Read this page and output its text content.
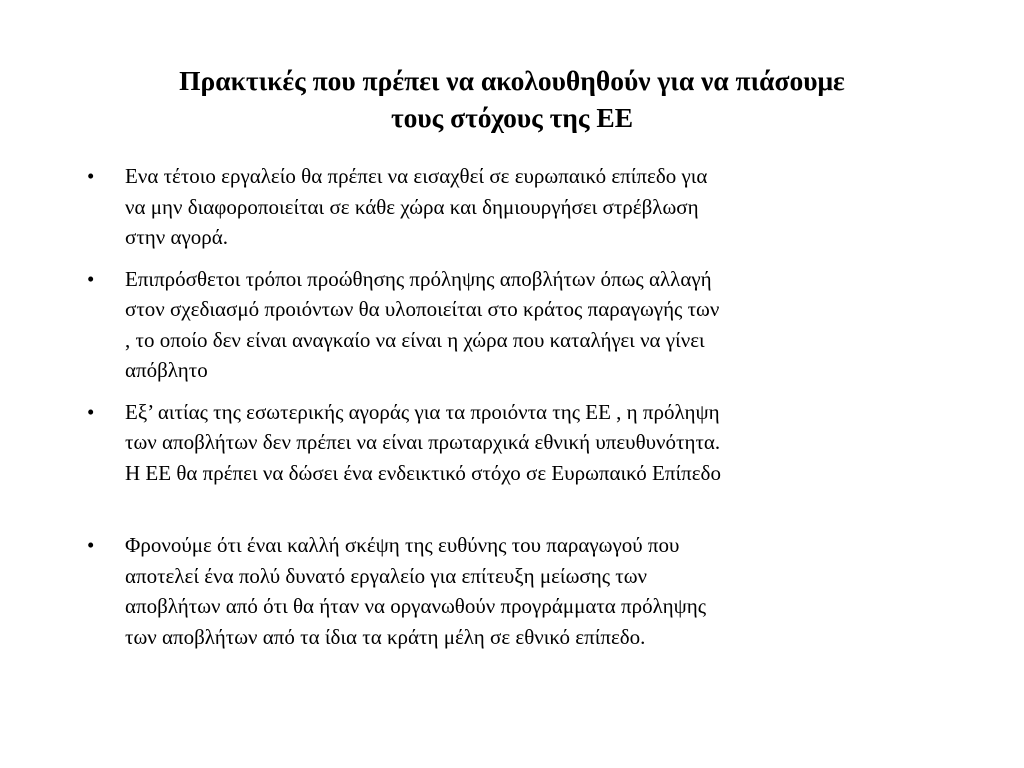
Πρακτικές που πρέπει να ακολουθηθούν για να πιάσουμε
τους στόχους της ΕΕ
• Ενα τέτοιο εργαλείο θα πρέπει να εισαχθεί σε ευρωπαικό επίπεδο για
να μην διαφοροποιείται σε κάθε χώρα και δημιουργήσει στρέβλωση
στην αγορά.
• Επιπρόσθετοι τρόποι προώθησης πρόληψης αποβλήτων όπως αλλαγή
στον σχεδιασμό προιόντων θα υλοποιείται στο κράτος παραγωγής των
, το οποίο δεν είναι αναγκαίο να είναι η χώρα που καταλήγει να γίνει
απόβλητο
• Εξ’ αιτίας της εσωτερικής αγοράς για τα προιόντα της ΕΕ , η πρόληψη
των αποβλήτων δεν πρέπει να είναι πρωταρχικά εθνική υπευθυνότητα.
Η ΕΕ θα πρέπει να δώσει ένα ενδεικτικό στόχο σε Ευρωπαικό Επίπεδο
• Φρονούμε ότι έναι καλλή σκέψη της ευθύνης του παραγωγού που
αποτελεί ένα πολύ δυνατό εργαλείο για επίτευξη μείωσης των
αποβλήτων από ότι θα ήταν να οργανωθούν προγράμματα πρόληψης
των αποβλήτων από τα ίδια τα κράτη μέλη σε εθνικό επίπεδο.
